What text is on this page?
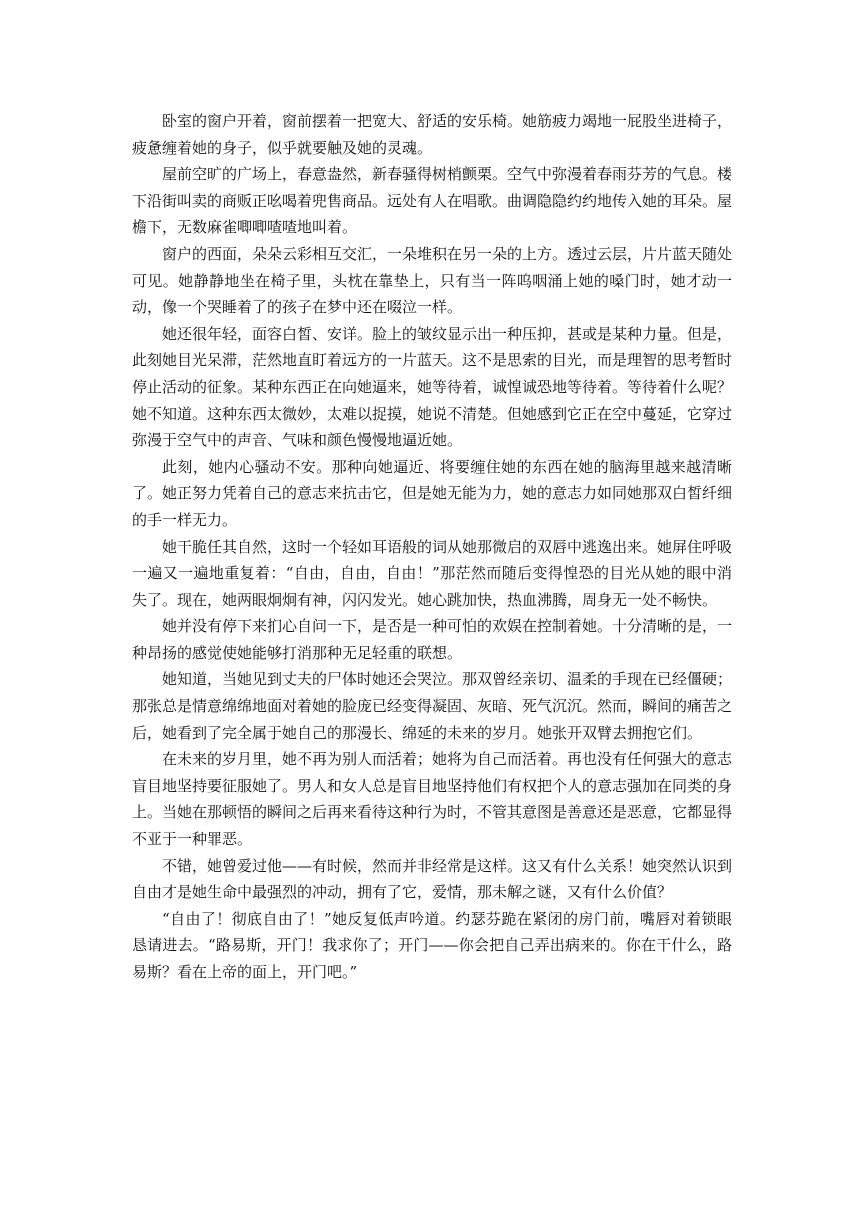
卧室的窗户开着，窗前摆着一把宽大、舒适的安乐椅。她筋疲力竭地一屁股坐进椅子，疲惫缠着她的身子，似乎就要触及她的灵魂。

屋前空旷的广场上，春意盎然，新春骚得树梢颤栗。空气中弥漫着春雨芬芳的气息。楼下沿街叫卖的商贩正吆喝着兜售商品。远处有人在唱歌。曲调隐隐约约地传入她的耳朵。屋檐下，无数麻雀唧唧喳喳地叫着。

窗户的西面，朵朵云彩相互交汇，一朵堆积在另一朵的上方。透过云层，片片蓝天随处可见。她静静地坐在椅子里，头枕在靠垫上，只有当一阵呜咽涌上她的嗓门时，她才动一动，像一个哭睡着了的孩子在梦中还在啜泣一样。

她还很年轻，面容白皙、安详。脸上的皱纹显示出一种压抑，甚或是某种力量。但是，此刻她目光呆滞，茫然地直盯着远方的一片蓝天。这不是思索的目光，而是理智的思考暂时停止活动的征象。某种东西正在向她逼来，她等待着，诚惶诚恐地等待着。等待着什么呢？她不知道。这种东西太微妙，太难以捉摸，她说不清楚。但她感到它正在空中蔓延，它穿过弥漫于空气中的声音、气味和颜色慢慢地逼近她。

此刻，她内心骚动不安。那种向她逼近、将要缠住她的东西在她的脑海里越来越清晰了。她正努力凭着自己的意志来抗击它，但是她无能为力，她的意志力如同她那双白皙纤细的手一样无力。

她干脆任其自然，这时一个轻如耳语般的词从她那微启的双唇中逃逸出来。她屏住呼吸一遍又一遍地重复着：“自由，自由，自由！”那茫然而随后变得惶恐的目光从她的眼中消失了。现在，她两眼炯炯有神，闪闪发光。她心跳加快，热血沸腾，周身无一处不畅快。

她并没有停下来扪心自问一下，是否是一种可怕的欢娱在控制着她。十分清晰的是，一种昂扬的感觉使她能够打消那种无足轻重的联想。

她知道，当她见到丈夫的尸体时她还会哭泣。那双曾经亲切、温柔的手现在已经僵硬；那张总是情意绵绵地面对着她的脸庞已经变得凝固、灰暗、死气沉沉。然而，瞬间的痛苦之后，她看到了完全属于她自己的那漫长、绵延的未来的岁月。她张开双臂去拥抱它们。

在未来的岁月里，她不再为别人而活着；她将为自己而活着。再也没有任何强大的意志盲目地坚持要征服她了。男人和女人总是盲目地坚持他们有权把个人的意志强加在同类的身上。当她在那顿悟的瞬间之后再来看待这种行为时，不管其意图是善意还是恶意，它都显得不亚于一种罪恶。

不错，她曾爱过他——有时候，然而并非经常是这样。这又有什么关系！她突然认识到自由才是她生命中最强烈的冲动，拥有了它，爱情，那未解之谜，又有什么价值？

“自由了！彻底自由了！”她反复低声吟道。约瑟芬跪在紧闭的房门前，嘴唇对着锁眼恳请进去。“路易斯，开门！我求你了；开门——你会把自己弄出病来的。你在干什么，路易斯？看在上帝的面上，开门吧。”
